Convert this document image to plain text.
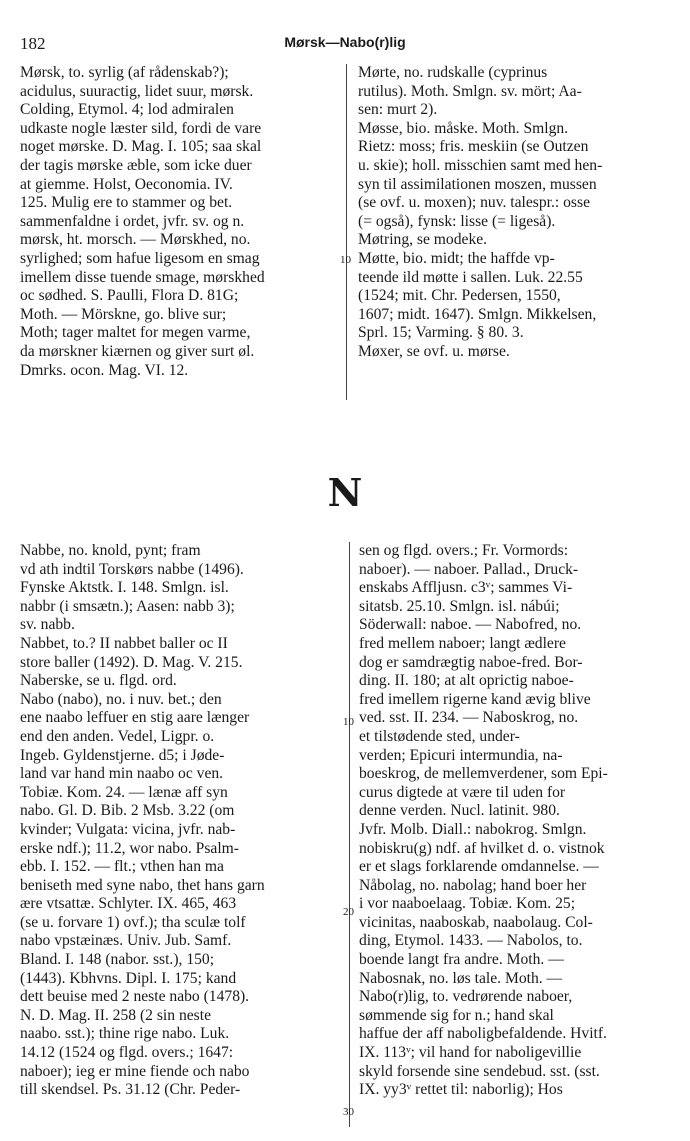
182	Mørsk—Nabo(r)lig

Mørsk, to. syrlig (af rådenskab?);

acidulus, suuractig, lidet suur, mørsk.

Colding, Etymol. 4; lod admiralen

udkaste nogle læster sild, fordi de vare

noget mørske. D. Mag. I. 105; saa skal

der tagis mørske æble, som icke duer

at giemme. Holst, Oeconomia. IV.

125. Mulig ere to stammer og bet.

sammenfaldne i ordet, jvfr. sv. og n.

mørsk, ht. morsch. — Mørskhed, no.

syrlighed; som hafue ligesom en smag

imellem disse tuende smage, mørskhed

oc sødhed. S. Paulli, Flora D. 81G;

Moth. — Mörskne, go. blive sur;

Moth; tager maltet for megen varme,

da mørskner kiærnen og giver surt øl.

Dmrks. ocon. Mag. VI. 12.

Mørte, no. rudskalle (cyprinus

rutilus). Moth. Smlgn. sv. mört; Aa-

sen: murt 2).

Møsse, bio. måske. Moth. Smlgn.

Rietz: moss; fris. meskiin (se Outzen

u. skie); holl. misschien samt med hen-

syn til assimilationen moszen, mussen

(se ovf. u. moxen); nuv. talespr.: osse

(= også), fynsk: lisse (= ligeså).

Møtring, se modeke.

Møtte, bio. midt; the haffde vp-

teende ild møtte i sallen. Luk. 22.55

(1524; mit. Chr. Pedersen, 1550,

1607; midt. 1647). Smlgn. Mikkelsen,

Sprl. 15; Varming. § 80. 3.

Møxer, se ovf. u. mørse.

10
N

Nabbe, no. knold, pynt; fram

vd ath indtil Torskørs nabbe (1496).

Fynske Aktstk. I. 148. Smlgn. isl.

nabbr (i smsætn.); Aasen: nabb 3);

sv. nabb.

Nabbet, to.? II nabbet baller oc II

store baller (1492). D. Mag. V. 215.

Naberske, se u. flgd. ord.

Nabo (nabo), no. i nuv. bet.; den

ene naabo leffuer en stig aare længer

end den anden. Vedel, Ligpr. o.

Ingeb. Gyldenstjerne. d5; i Jøde-

land var hand min naabo oc ven.

Tobiæ. Kom. 24. — lænæ aff syn

nabo. Gl. D. Bib. 2 Msb. 3.22 (om

kvinder; Vulgata: vicina, jvfr. nab-

erske ndf.); 11.2, wor nabo. Psalm-

ebb. I. 152. — flt.; vthen han ma

beniseth med syne nabo, thet hans garn

ære vtsattæ. Schlyter. IX. 465, 463

(se u. forvare 1) ovf.); tha sculæ tolf

nabo vpstæinæs. Univ. Jub. Samf.

Bland. I. 148 (nabor. sst.), 150;

(1443). Kbhvns. Dipl. I. 175; kand

dett beuise med 2 neste nabo (1478).

N. D. Mag. II. 258 (2 sin neste

naabo. sst.); thine rige nabo. Luk.

14.12 (1524 og flgd. overs.; 1647:

naboer); ieg er mine fiende och nabo

till skendsel. Ps. 31.12 (Chr. Peder-

sen og flgd. overs.; Fr. Vormords:

naboer). — naboer. Pallad., Druck-

enskabs Affljusn. c3ᵛ; sammes Vi-

sitatsb. 25.10. Smlgn. isl. nábúi;

Söderwall: naboe. — Nabofred, no.

fred mellem naboer; langt ædlere

dog er samdrægtig naboe-fred. Bor-

ding. II. 180; at alt oprictig naboe-

fred imellem rigerne kand ævig blive

ved. sst. II. 234. — Naboskrog, no.

et tilstødende sted, under-

verden; Epicuri intermundia, na-

boeskrog, de mellemverdener, som Epi-

curus digtede at være til uden for

denne verden. Nucl. latinit. 980.

Jvfr. Molb. Diall.: nabokrog. Smlgn.

nobiskru(g) ndf. af hvilket d. o. vistnok

er et slags forklarende omdannelse. —

Nåbolag, no. nabolag; hand boer her

i vor naaboelaag. Tobiæ. Kom. 25;

vicinitas, naaboskab, naabolaug. Col-

ding, Etymol. 1433. — Nabolos, to.

boende langt fra andre. Moth. —

Nabosnak, no. løs tale. Moth. —

Nabo(r)lig, to. vedrørende naboer,

sømmende sig for n.; hand skal

haffue der aff naboligbefaldende. Hvitf.

IX. 113ᵛ; vil hand for naboligevillie

skyld forsende sine sendebud. sst. (sst.

IX. yy3ᵛ rettet til: naborlig); Hos

10
20
30
